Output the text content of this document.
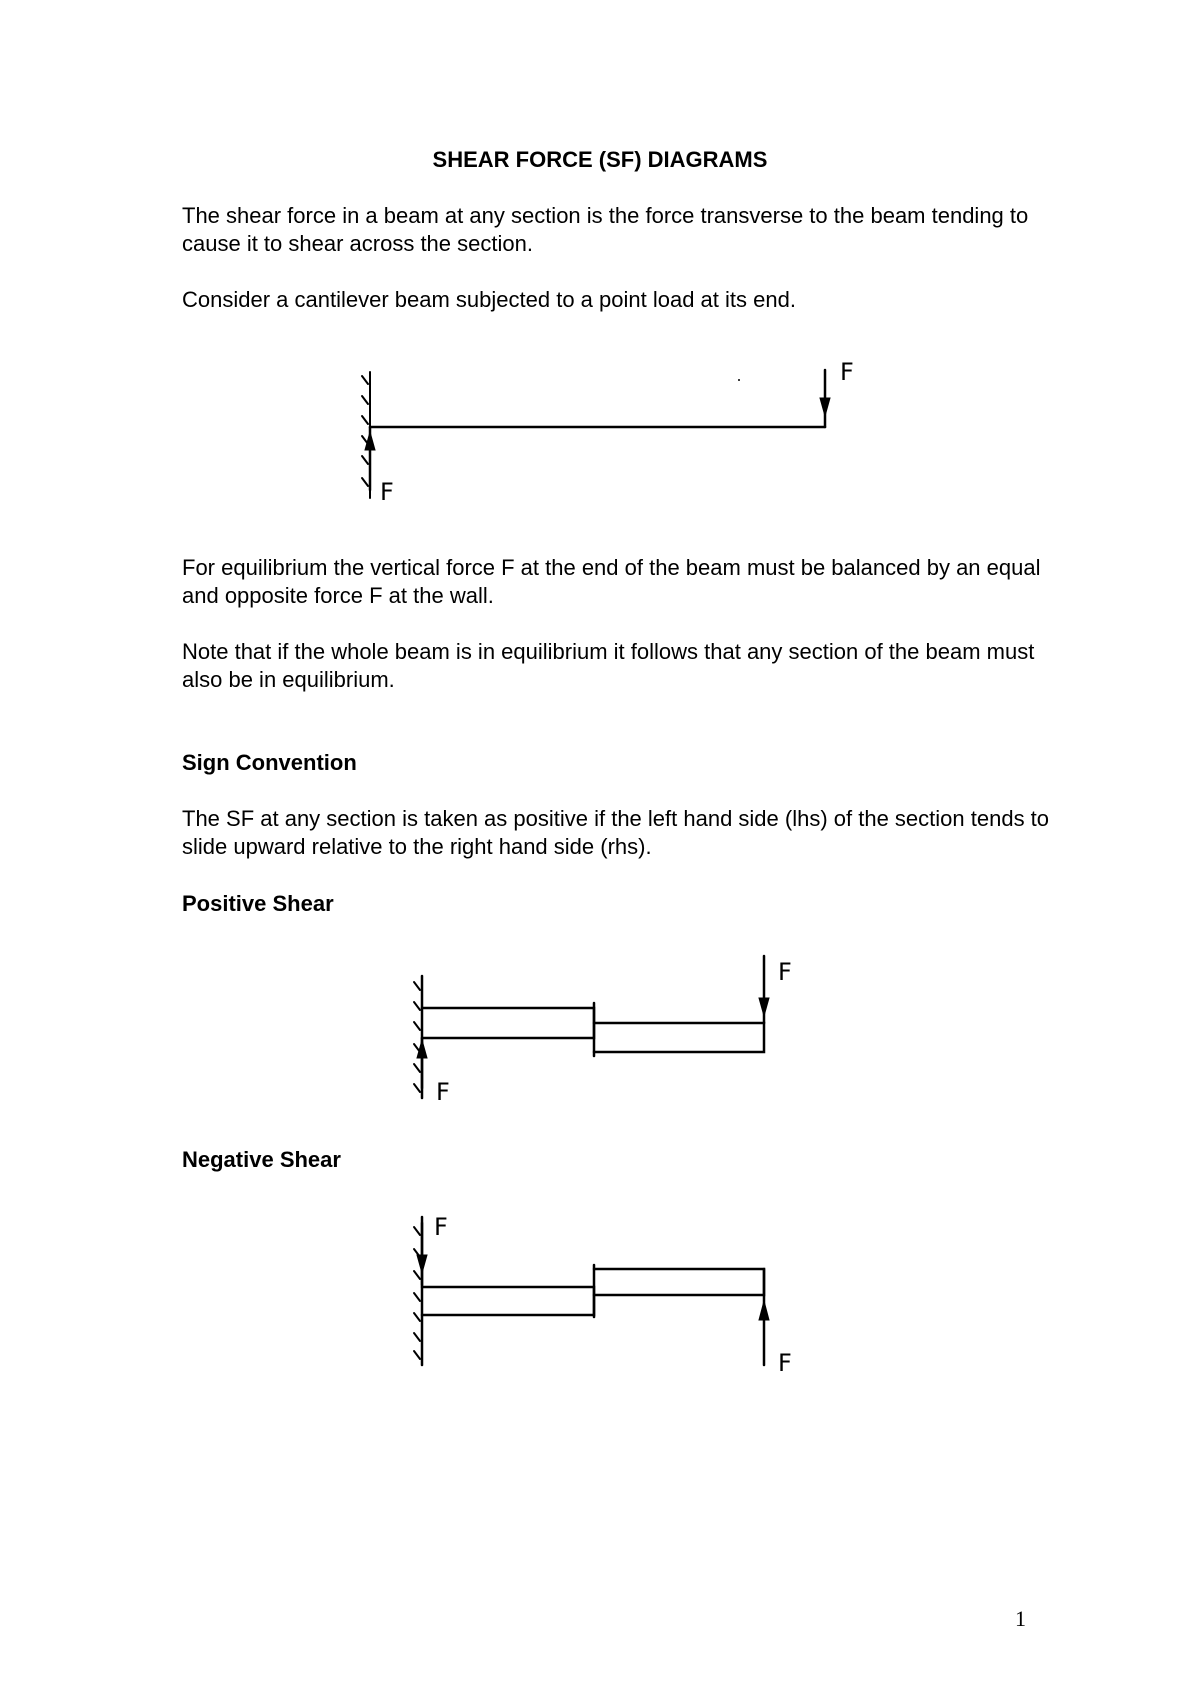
SHEAR FORCE (SF) DIAGRAMS

The shear force in a beam at any section is the force transverse to the beam tending to cause it to shear across the section.

Consider a cantilever beam subjected to a point load at its end.

F
F

For equilibrium the vertical force F at the end of the beam must be balanced by an equal and opposite force F at the wall.

Note that if the whole beam is in equilibrium it follows that any section of the beam must also be in equilibrium.

Sign Convention

The SF at any section is taken as positive if the left hand side (lhs) of the section tends to slide upward relative to the right hand side (rhs).

Positive Shear
F
F
Negative Shear
F
F
1
